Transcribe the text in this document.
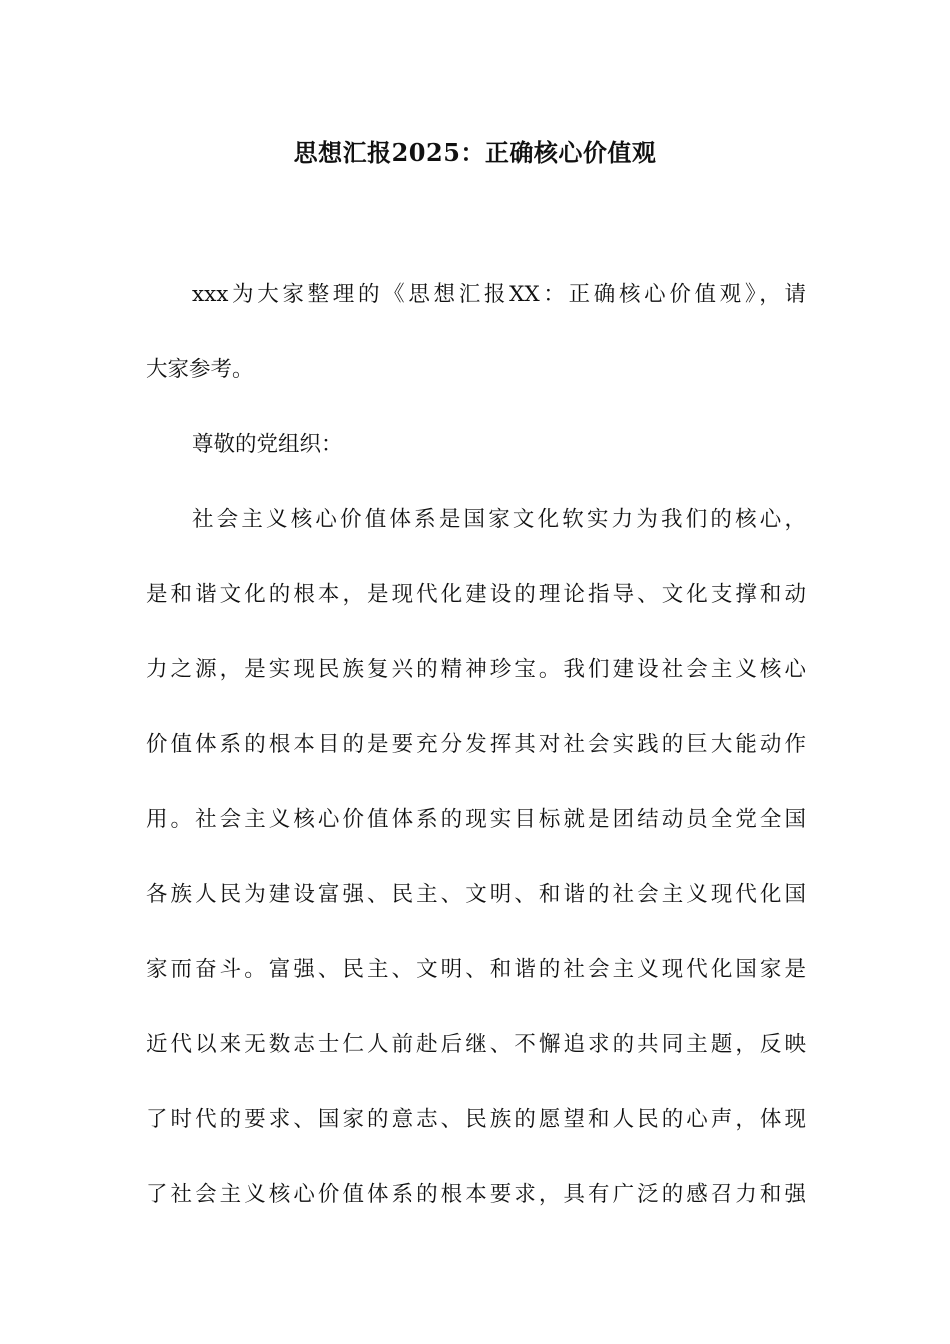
思想汇报2025：正确核心价值观
xxx为大家整理的《思想汇报XX：正确核心价值观》，请
大家参考。
尊敬的党组织：
社会主义核心价值体系是国家文化软实力为我们的核心，
是和谐文化的根本，是现代化建设的理论指导、文化支撑和动
力之源，是实现民族复兴的精神珍宝。我们建设社会主义核心
价值体系的根本目的是要充分发挥其对社会实践的巨大能动作
用。社会主义核心价值体系的现实目标就是团结动员全党全国
各族人民为建设富强、民主、文明、和谐的社会主义现代化国
家而奋斗。富强、民主、文明、和谐的社会主义现代化国家是
近代以来无数志士仁人前赴后继、不懈追求的共同主题，反映
了时代的要求、国家的意志、民族的愿望和人民的心声，体现
了社会主义核心价值体系的根本要求，具有广泛的感召力和强
